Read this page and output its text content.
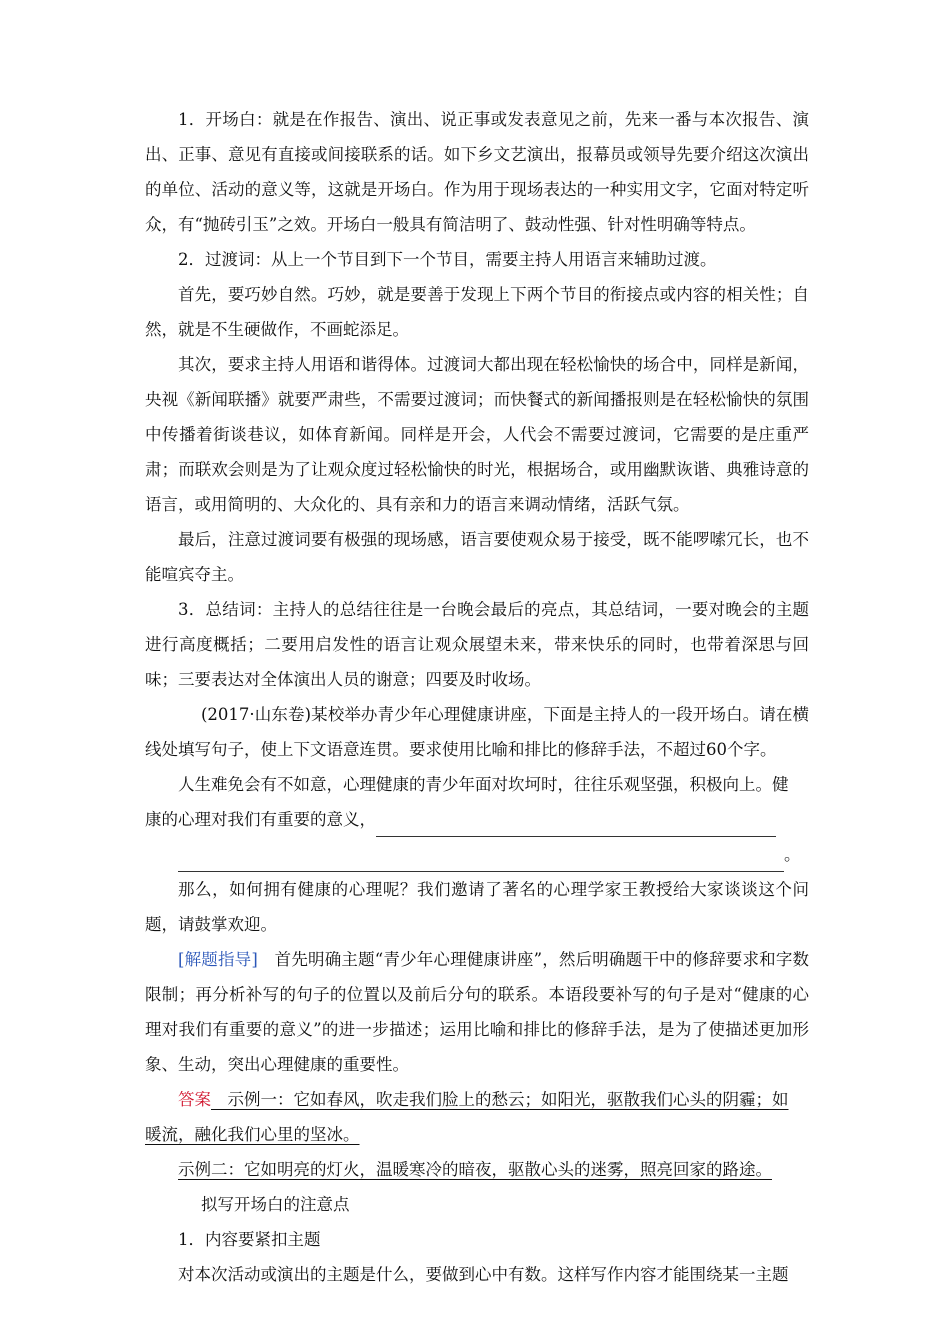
1．开场白：就是在作报告、演出、说正事或发表意见之前，先来一番与本次报告、演出、正事、意见有直接或间接联系的话。如下乡文艺演出，报幕员或领导先要介绍这次演出的单位、活动的意义等，这就是开场白。作为用于现场表达的一种实用文字，它面对特定听众，有“抛砖引玉”之效。开场白一般具有简洁明了、鼓动性强、针对性明确等特点。

2．过渡词：从上一个节目到下一个节目，需要主持人用语言来辅助过渡。

首先，要巧妙自然。巧妙，就是要善于发现上下两个节目的衔接点或内容的相关性；自然，就是不生硬做作，不画蛇添足。

其次，要求主持人用语和谐得体。过渡词大都出现在轻松愉快的场合中，同样是新闻，央视《新闻联播》就要严肃些，不需要过渡词；而快餐式的新闻播报则是在轻松愉快的氛围中传播着街谈巷议，如体育新闻。同样是开会，人代会不需要过渡词，它需要的是庄重严肃；而联欢会则是为了让观众度过轻松愉快的时光，根据场合，或用幽默诙谐、典雅诗意的语言，或用简明的、大众化的、具有亲和力的语言来调动情绪，活跃气氛。

最后，注意过渡词要有极强的现场感，语言要使观众易于接受，既不能啰嗦冗长，也不能喧宾夺主。

3．总结词：主持人的总结往往是一台晚会最后的亮点，其总结词，一要对晚会的主题进行高度概括；二要用启发性的语言让观众展望未来，带来快乐的同时，也带着深思与回味；三要表达对全体演出人员的谢意；四要及时收场。

(2017·山东卷)某校举办青少年心理健康讲座，下面是主持人的一段开场白。请在横线处填写句子，使上下文语意连贯。要求使用比喻和排比的修辞手法，不超过60个字。

人生难免会有不如意，心理健康的青少年面对坎坷时，往往乐观坚强，积极向上。健

康的心理对我们有重要的意义，
。

那么，如何拥有健康的心理呢？我们邀请了著名的心理学家王教授给大家谈谈这个问题，请鼓掌欢迎。

[解题指导]　首先明确主题“青少年心理健康讲座”，然后明确题干中的修辞要求和字数限制；再分析补写的句子的位置以及前后分句的联系。本语段要补写的句子是对“健康的心理对我们有重要的意义”的进一步描述；运用比喻和排比的修辞手法，是为了使描述更加形象、生动，突出心理健康的重要性。

答案　示例一：它如春风，吹走我们脸上的愁云；如阳光，驱散我们心头的阴霾；如

暖流，融化我们心里的坚冰。

示例二：它如明亮的灯火，温暖寒冷的暗夜，驱散心头的迷雾，照亮回家的路途。

拟写开场白的注意点

1．内容要紧扣主题

对本次活动或演出的主题是什么，要做到心中有数。这样写作内容才能围绕某一主题
